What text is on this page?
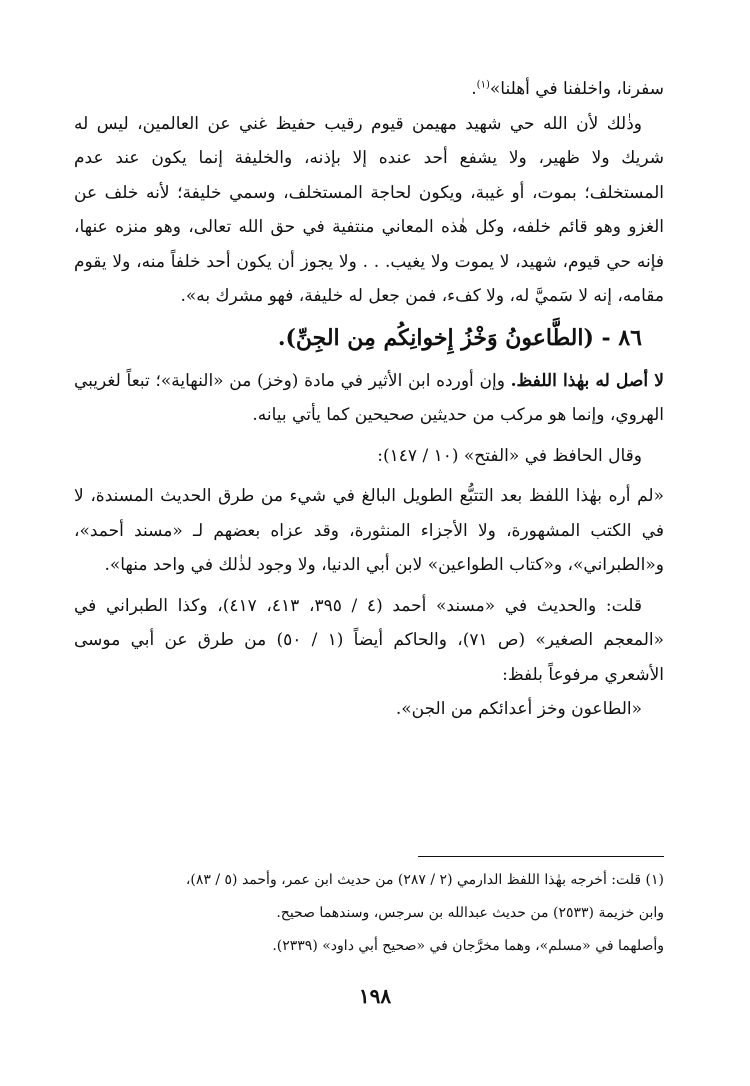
سفرنا، واخلفنا في أهلنا»$^{(١)}$.

وذٰلك لأن الله حي شهيد مهيمن قيوم رقيب حفيظ غني عن العالمين، ليس له شريك ولا ظهير، ولا يشفع أحد عنده إلا بإذنه، والخليفة إنما يكون عند عدم المستخلف؛ بموت، أو غيبة، ويكون لحاجة المستخلف، وسمي خليفة؛ لأنه خلف عن الغزو وهو قائم خلفه، وكل هٰذه المعاني منتفية في حق الله تعالى، وهو منزه عنها، فإنه حي قيوم، شهيد، لا يموت ولا يغيب. . . ولا يجوز أن يكون أحد خلفاً منه، ولا يقوم مقامه، إنه لا سَميَّ له، ولا كفء، فمن جعل له خليفة، فهو مشرك به».

٨٦ - (الطَّاعونُ وَخْزُ إِخوانِكُم مِن الجِنِّ).

لا أصل له بهٰذا اللفظ. وإن أورده ابن الأثير في مادة (وخز) من «النهاية»؛ تبعاً لغريبي الهروي، وإنما هو مركب من حديثين صحيحين كما يأتي بيانه.

وقال الحافظ في «الفتح» (١٠ / ١٤٧):

«لم أره بهٰذا اللفظ بعد التتبُّع الطويل البالغ في شيء من طرق الحديث المسندة، لا في الكتب المشهورة، ولا الأجزاء المنثورة، وقد عزاه بعضهم لـ «مسند أحمد»، و«الطبراني»، و«كتاب الطواعين» لابن أبي الدنيا، ولا وجود لذٰلك في واحد منها».

قلت: والحديث في «مسند» أحمد (٤ / ٣٩٥، ٤١٣، ٤١٧)، وكذا الطبراني في «المعجم الصغير» (ص ٧١)، والحاكم أيضاً (١ / ٥٠) من طرق عن أبي موسى الأشعري مرفوعاً بلفظ:

«الطاعون وخز أعدائكم من الجن».

(١) قلت: أخرجه بهٰذا اللفظ الدارمي (٢ / ٢٨٧) من حديث ابن عمر، وأحمد (٥ / ٨٣)،

وابن خزيمة (٢٥٣٣) من حديث عبدالله بن سرجس، وسندهما صحيح.

وأصلهما في «مسلم»، وهما مخرَّجان في «صحيح أبي داود» (٢٣٣٩).

١٩٨
